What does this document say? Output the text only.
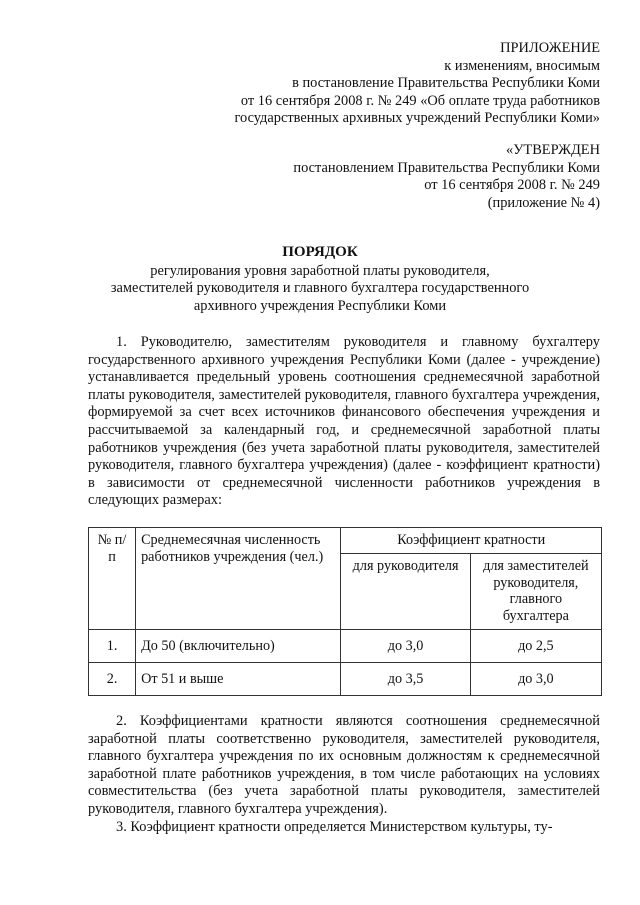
ПРИЛОЖЕНИЕ
к изменениям, вносимым
в постановление Правительства Республики Коми
от 16 сентября 2008 г. № 249 «Об оплате труда работников
государственных архивных учреждений Республики Коми»
«УТВЕРЖДЕН
постановлением Правительства Республики Коми
от 16 сентября 2008 г. № 249
(приложение № 4)
ПОРЯДОК
регулирования уровня заработной платы руководителя,
заместителей руководителя и главного бухгалтера государственного
архивного учреждения Республики Коми

1. Руководителю, заместителям руководителя и главному бухгалтеру государственного архивного учреждения Республики Коми (далее - учреждение) устанавливается предельный уровень соотношения среднемесячной заработной платы руководителя, заместителей руководителя, главного бухгалтера учреждения, формируемой за счет всех источников финансового обеспечения учреждения и рассчитываемой за календарный год, и среднемесячной заработной платы работников учреждения (без учета заработной платы руководителя, заместителей руководителя, главного бухгалтера учреждения) (далее - коэффициент кратности) в зависимости от среднемесячной численности работников учреждения в следующих размерах:

№ п/п	Среднемесячная численность работников учреждения (чел.)	Коэффициент кратности	
		для руководителя	для заместителей руководителя, главного бухгалтера
1.	До 50 (включительно)	до 3,0	до 2,5
2.	От 51 и выше	до 3,5	до 3,0

2. Коэффициентами кратности являются соотношения среднемесячной заработной платы соответственно руководителя, заместителей руководителя, главного бухгалтера учреждения по их основным должностям к среднемесячной заработной плате работников учреждения, в том числе работающих на условиях совместительства (без учета заработной платы руководителя, заместителей руководителя, главного бухгалтера учреждения).

3. Коэффициент кратности определяется Министерством культуры, ту-
